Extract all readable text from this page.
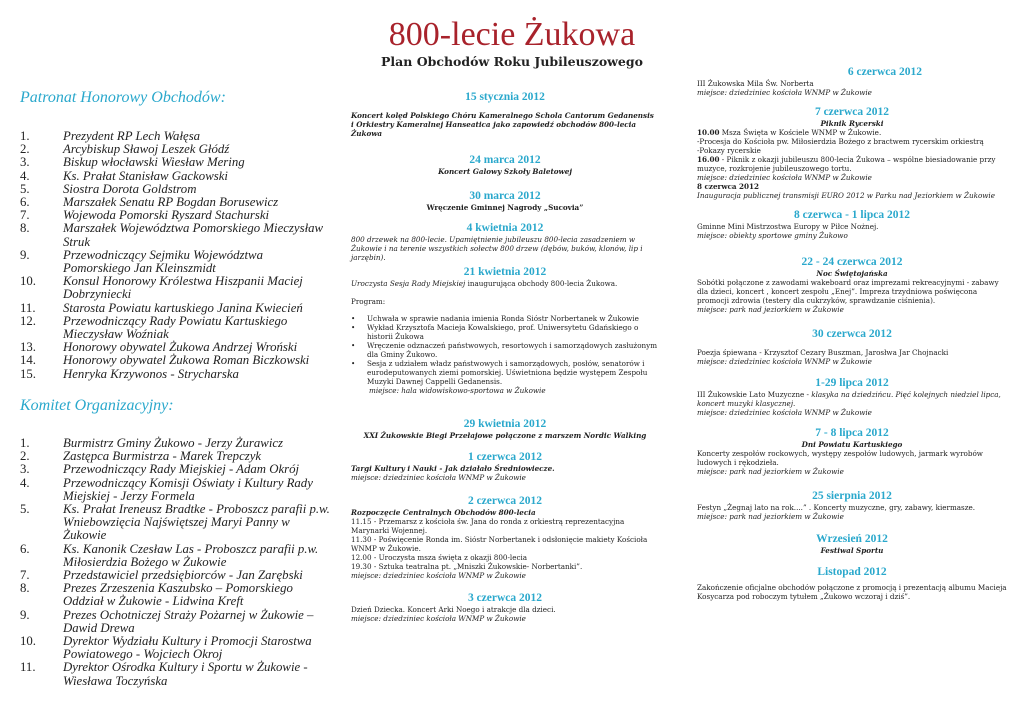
800-lecie Żukowa
Plan Obchodów Roku Jubileuszowego
Patronat Honorowy Obchodów:
1.	Prezydent RP Lech Wałęsa
2.	Arcybiskup Sławoj Leszek Głódź
3.	Biskup włocławski Wiesław Mering
4.	Ks. Prałat Stanisław Gackowski
5.	Siostra Dorota Goldstrom
6.	Marszałek Senatu RP Bogdan Borusewicz
7.	Wojewoda Pomorski Ryszard Stachurski
8.	Marszałek Województwa Pomorskiego Mieczysław Struk
9.	Przewodniczący Sejmiku Województwa Pomorskiego Jan Kleinszmidt
10.	Konsul Honorowy Królestwa Hiszpanii Maciej Dobrzyniecki
11.	Starosta Powiatu kartuskiego Janina Kwiecień
12.	Przewodniczący Rady Powiatu Kartuskiego Mieczysław Woźniak
13.	Honorowy obywatel Żukowa Andrzej Wroński
14.	Honorowy obywatel Żukowa Roman Biczkowski
15.	Henryka Krzywonos - Strycharska
Komitet Organizacyjny:
1.	Burmistrz Gminy Żukowo - Jerzy Żurawicz
2.	Zastępca Burmistrza - Marek Trepczyk
3.	Przewodniczący Rady Miejskiej - Adam Okrój
4.	Przewodniczący Komisji Oświaty i Kultury Rady Miejskiej - Jerzy Formela
5.	Ks. Prałat Ireneusz Bradtke - Proboszcz parafii p.w. Wniebowzięcia Najświętszej Maryi Panny w Żukowie
6.	Ks. Kanonik Czesław Las - Proboszcz parafii p.w. Miłosierdzia Bożego w Żukowie
7.	Przedstawiciel przedsiębiorców - Jan Zarębski
8.	Prezes Zrzeszenia Kaszubsko – Pomorskiego Oddział w Żukowie - Lidwina Kreft
9.	Prezes Ochotniczej Straży Pożarnej w Żukowie – Dawid Drewa
10.	Dyrektor Wydziału Kultury i Promocji Starostwa Powiatowego - Wojciech Okroj
11.	Dyrektor Ośrodka Kultury i Sportu w Żukowie - Wiesława Toczyńska
15 stycznia 2012

Koncert kolęd Polskiego Chóru Kameralnego Schola Cantorum Gedanensis i Orkiestry Kameralnej Hanseatica jako zapowiedź obchodów 800-lecia Żukowa

24 marca 2012

Koncert Galowy Szkoły Baletowej

30 marca 2012

Wręczenie Gminnej Nagrody „Sucovia”

4 kwietnia 2012

800 drzewek na 800-lecie. Upamiętnienie jubileuszu 800-lecia zasadzeniem w Żukowie i na terenie wszystkich sołectw 800 drzew (dębów, buków, klonów, lip i jarzębin).

21 kwietnia 2012

Uroczysta Sesja Rady Miejskiej inaugurująca obchody 800-lecia Żukowa.

Program:

•	Uchwała w sprawie nadania imienia Ronda Sióstr Norbertanek w Żukowie
•	Wykład Krzysztofa Macieja Kowalskiego, prof. Uniwersytetu Gdańskiego o historii Żukowa
•	Wręczenie odznaczeń państwowych, resortowych i samorządowych zasłużonym dla Gminy Żukowo.
•	Sesja z udziałem władz państwowych i samorządowych, posłów, senatorów i eurodeputowanych ziemi pomorskiej. Uświetniona będzie występem Zespołu Muzyki Dawnej Cappelli Gedanensis.

miejsce: hala widowiskowo-sportowa w Żukowie

29 kwietnia 2012

XXI Żukowskie Biegi Przełajowe połączone z marszem Nordic Walking

1 czerwca 2012

Targi Kultury i Nauki - Jak działało Średniowiecze.

miejsce: dziedziniec kościoła WNMP w Żukowie

2 czerwca 2012

Rozpoczęcie Centralnych Obchodów 800-lecia

11.15 - Przemarsz z kościoła św. Jana do ronda z orkiestrą reprezentacyjna Marynarki Wojennej.

11.30 - Poświęcenie Ronda im. Sióstr Norbertanek i odsłonięcie makiety Kościoła WNMP w Żukowie.

12.00 - Uroczysta msza święta z okazji 800-lecia

19.30 - Sztuka teatralna pt. „Mniszki Żukowskie- Norbertanki”.

miejsce: dziedziniec kościoła WNMP w Żukowie

3 czerwca 2012

Dzień Dziecka. Koncert Arki Noego i atrakcje dla dzieci.

miejsce: dziedziniec kościoła WNMP w Żukowie

6 czerwca 2012

III Żukowska Mila Św. Norberta

miejsce: dziedziniec kościoła WNMP w Żukowie

7 czerwca 2012

Piknik Rycerski

10.00 Msza Święta w Kościele WNMP w Żukowie.

-Procesja do Kościoła pw. Miłosierdzia Bożego z bractwem rycerskim orkiestrą

-Pokazy rycerskie

16.00 - Piknik z okazji jubileuszu 800-lecia Żukowa – wspólne biesiadowanie przy muzyce, rozkrojenie jubileuszowego tortu.

miejsce: dziedziniec kościoła WNMP w Żukowie

8 czerwca 2012

Inauguracja publicznej transmisji EURO 2012 w Parku nad Jeziorkiem w Żukowie

8 czerwca - 1 lipca 2012

Gminne Mini Mistrzostwa Europy w Piłce Nożnej.

miejsce: obiekty sportowe gminy Żukowo

22 - 24 czerwca 2012

Noc Świętojańska

Sobótki połączone z zawodami wakeboard oraz imprezami rekreacyjnymi - zabawy dla dzieci, koncert , koncert zespołu „Enej”. Impreza trzydniowa poświęcona promocji zdrowia (testery dla cukrzyków, sprawdzanie ciśnienia).

miejsce: park nad jeziorkiem w Żukowie

30 czerwca 2012

Poezja śpiewana - Krzysztof Cezary Buszman, Jarosłwa Jar Chojnacki

miejsce: dziedziniec kościoła WNMP w Żukowie

1-29 lipca 2012

III Żukowskie Lato Muzyczne - klasyka na dziedzińcu. Pięć kolejnych niedziel lipca, koncert muzyki klasycznej.

miejsce: dziedziniec kościoła WNMP w Żukowie

7 - 8 lipca 2012

Dni Powiatu Kartuskiego

Koncerty zespołów rockowych, występy zespołów ludowych, jarmark wyrobów ludowych i rękodzieła.

miejsce: park nad jeziorkiem w Żukowie

25 sierpnia 2012

Festyn „Żegnaj lato na rok....” . Koncerty muzyczne, gry, zabawy, kiermasze.

miejsce: park nad jeziorkiem w Żukowie

Wrzesień 2012

Festiwal Sportu

Listopad 2012

Zakończenie oficjalne obchodów połączone z promocją i prezentacją albumu Macieja Kosycarza pod roboczym tytułem „Żukowo wczoraj i dziś”.
